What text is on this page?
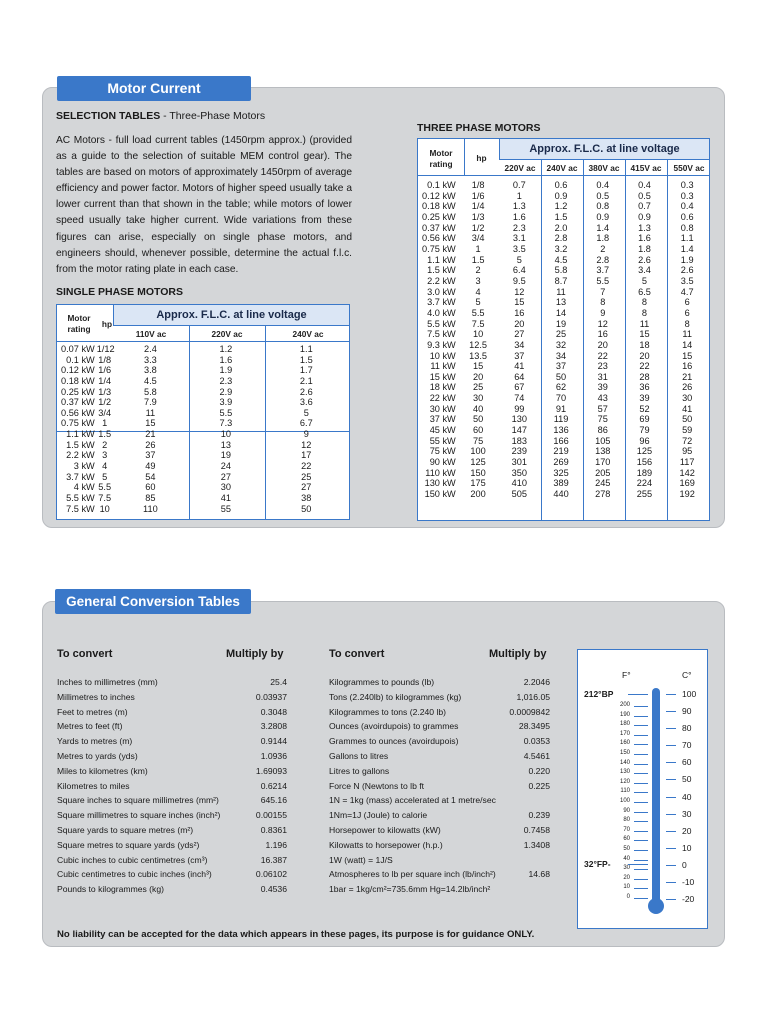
Motor Current
SELECTION TABLES - Three-Phase Motors
AC Motors - full load current tables (1450rpm approx.) (provided as a guide to the selection of suitable MEM control gear). The tables are based on motors of approximately 1450rpm of average efficiency and power factor. Motors of higher speed usually take a lower current than that shown in the table; while motors of lower speed usually take higher current. Wide variations from these figures can arise, especially on single phase motors, and engineers should, whenever possible, determine the actual f.l.c. from the motor rating plate in each case.
SINGLE PHASE MOTORS
THREE PHASE MOTORS
Approx. F.L.C. at line voltage
Motor rating	hp
110V ac	220V ac	240V ac
0.07 kW 1/12	2.4	1.2	1.1
0.1 kW 1/8	3.3	1.6	1.5
0.12 kW 1/6	3.8	1.9	1.7
0.18 kW 1/4	4.5	2.3	2.1
0.25 kW 1/3	5.8	2.9	2.6
0.37 kW 1/2	7.9	3.9	3.6
0.56 kW 3/4	11	5.5	5
0.75 kW 1	15	7.3	6.7
1.1 kW 1.5	21	10	9
1.5 kW 2	26	13	12
2.2 kW 3	37	19	17
3 kW 4	49	24	22
3.7 kW 5	54	27	25
4 kW 5.5	60	30	27
5.5 kW 7.5	85	41	38
7.5 kW 10	110	55	50
Approx. F.L.C. at line voltage
Motor rating
hp
220V ac	240V ac	380V ac	415V ac	550V ac
0.1 kW	1/8	0.7	0.6	0.4	0.4	0.3
0.12 kW	1/6	1	0.9	0.5	0.5	0.3
0.18 kW	1/4	1.3	1.2	0.8	0.7	0.4
0.25 kW	1/3	1.6	1.5	0.9	0.9	0.6
0.37 kW	1/2	2.3	2.0	1.4	1.3	0.8
0.56 kW	3/4	3.1	2.8	1.8	1.6	1.1
0.75 kW	1	3.5	3.2	2	1.8	1.4
1.1 kW	1.5	5	4.5	2.8	2.6	1.9
1.5 kW	2	6.4	5.8	3.7	3.4	2.6
2.2 kW	3	9.5	8.7	5.5	5	3.5
3.0 kW	4	12	11	7	6.5	4.7
3.7 kW	5	15	13	8	8	6
4.0 kW	5.5	16	14	9	8	6
5.5 kW	7.5	20	19	12	11	8
7.5 kW	10	27	25	16	15	11
9.3 kW	12.5	34	32	20	18	14
10 kW	13.5	37	34	22	20	15
11 kW	15	41	37	23	22	16
15 kW	20	64	50	31	28	21
18 kW	25	67	62	39	36	26
22 kW	30	74	70	43	39	30
30 kW	40	99	91	57	52	41
37 kW	50	130	119	75	69	50
45 kW	60	147	136	86	79	59
55 kW	75	183	166	105	96	72
75 kW	100	239	219	138	125	95
90 kW	125	301	269	170	156	117
110 kW	150	350	325	205	189	142
130 kW	175	410	389	245	224	169
150 kW	200	505	440	278	255	192
General Conversion Tables
To convert	Multiply by	To convert	Multiply by
Inches to millimetres (mm)	25.4
Millimetres to inches	0.03937
Feet to metres (m)	0.3048
Metres to feet (ft)	3.2808
Yards to metres (m)	0.9144
Metres to yards (yds)	1.0936
Miles to kilometres (km)	1.69093
Kilometres to miles	0.6214
Square inches to square millimetres (mm²)	645.16
Square millimetres to square inches (inch²)	0.00155
Square yards to square metres (m²)	0.8361
Square metres to square yards (yds²)	1.196
Cubic inches to cubic centimetres (cm³)	16.387
Cubic centimetres to cubic inches (inch³)	0.06102
Pounds to kilogrammes (kg)	0.4536
Kilogrammes to pounds (lb)	2.2046
Tons (2.240lb) to kilogrammes (kg)	1,016.05
Kilogrammes to tons (2.240 lb)	0.0009842
Ounces (avoirdupois) to grammes	28.3495
Grammes to ounces (avoirdupois)	0.0353
Gallons to litres	4.5461
Litres to gallons	0.220
Force N (Newtons to lb ft	0.225
1N = 1kg (mass) accelerated at 1 metre/sec
1Nm=1J (Joule) to calorie	0.239
Horsepower to kilowatts (kW)	0.7458
Kilowatts to horsepower (h.p.)	1.3408
1W (watt) = 1J/S
Atmospheres to lb per square inch (lb/inch²)	14.68
1bar = 1kg/cm²=735.6mm Hg=14.2lb/inch²
F°	C°
212°BP
32°FP-
200
190
180
170
160
150
140
130
120
110
100
90
80
70
60
50
40
30
20
10
0
100
90
80
70
60
50
40
30
20
10
0
-10
-20
No liability can be accepted for the data which appears in these pages, its purpose is for guidance ONLY.
